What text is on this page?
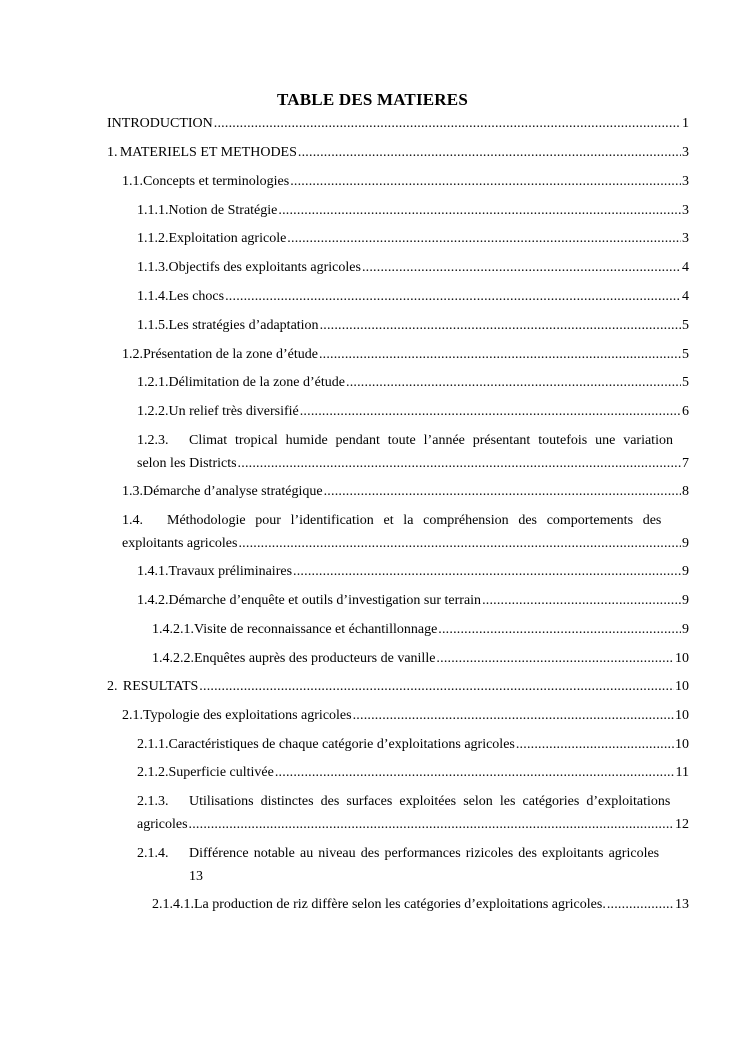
TABLE DES MATIERES
INTRODUCTION .....	1
1. MATERIELS ET METHODES .....	3
1.1. Concepts et terminologies .....	3
1.1.1. Notion de Stratégie .....	3
1.1.2. Exploitation agricole .....	3
1.1.3. Objectifs des exploitants agricoles .....	4
1.1.4. Les chocs .....	4
1.1.5. Les stratégies d’adaptation .....	5
1.2. Présentation de la zone d’étude .....	5
1.2.1. Délimitation de la zone d’étude .....	5
1.2.2. Un relief très diversifié .....	6
1.2.3.	Climat tropical humide pendant toute l’année présentant toutefois une variation
selon les Districts .....	7
1.3. Démarche d’analyse stratégique .....	8
1.4.	Méthodologie pour l’identification et la compréhension des comportements des
exploitants agricoles .....	9
1.4.1. Travaux préliminaires .....	9
1.4.2. Démarche d’enquête et outils d’investigation sur terrain .....	9
1.4.2.1. Visite de reconnaissance et échantillonnage .....	9
1.4.2.2. Enquêtes auprès des producteurs de vanille .....	10
2. RESULTATS .....	10
2.1. Typologie des exploitations agricoles .....	10
2.1.1. Caractéristiques de chaque catégorie d’exploitations agricoles .....	10
2.1.2. Superficie cultivée .....	11
2.1.3.	Utilisations distinctes des surfaces exploitées selon les catégories d’exploitations
agricoles .....	12
2.1.4.	Différence notable au niveau des performances rizicoles des exploitants agricoles
13
2.1.4.1. La production de riz diffère selon les catégories d’exploitations agricoles. .....	13
